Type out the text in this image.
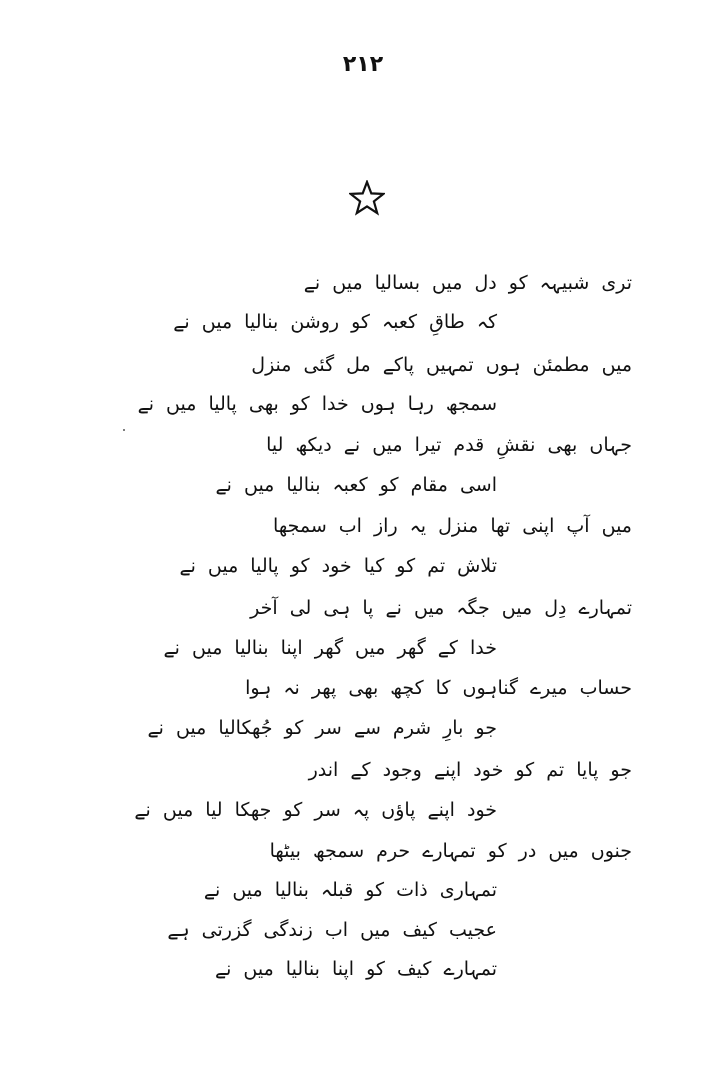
۲۱۲
تری شبیہہ کو دل میں بسالیا میں نے
کہ طاقِ کعبہ کو روشن بنالیا میں نے
میں مطمئن ہوں تمہیں پاکے مل گئی منزل
سمجھ رہا ہوں خدا کو بھی پالیا میں نے
جہاں بھی نقشِ قدم تیرا میں نے دیکھ لیا
اسی مقام کو کعبہ بنالیا میں نے
میں آپ اپنی تھا منزل یہ راز اب سمجھا
تلاش تم کو کیا خود کو پالیا میں نے
تمہارے دِل میں جگہ میں نے پا ہی لی آخر
خدا کے گھر میں گھر اپنا بنالیا میں نے
حساب میرے گناہوں کا کچھ بھی پھر نہ ہوا
جو بارِ شرم سے سر کو جُھکالیا میں نے
جو پایا تم کو خود اپنے وجود کے اندر
خود اپنے پاؤں پہ سر کو جھکا لیا میں نے
جنوں میں در کو تمہارے حرم سمجھ بیٹھا
تمہاری ذات کو قبلہ بنالیا میں نے
عجیب کیف میں اب زندگی گزرتی ہے
تمہارے کیف کو اپنا بنالیا میں نے
